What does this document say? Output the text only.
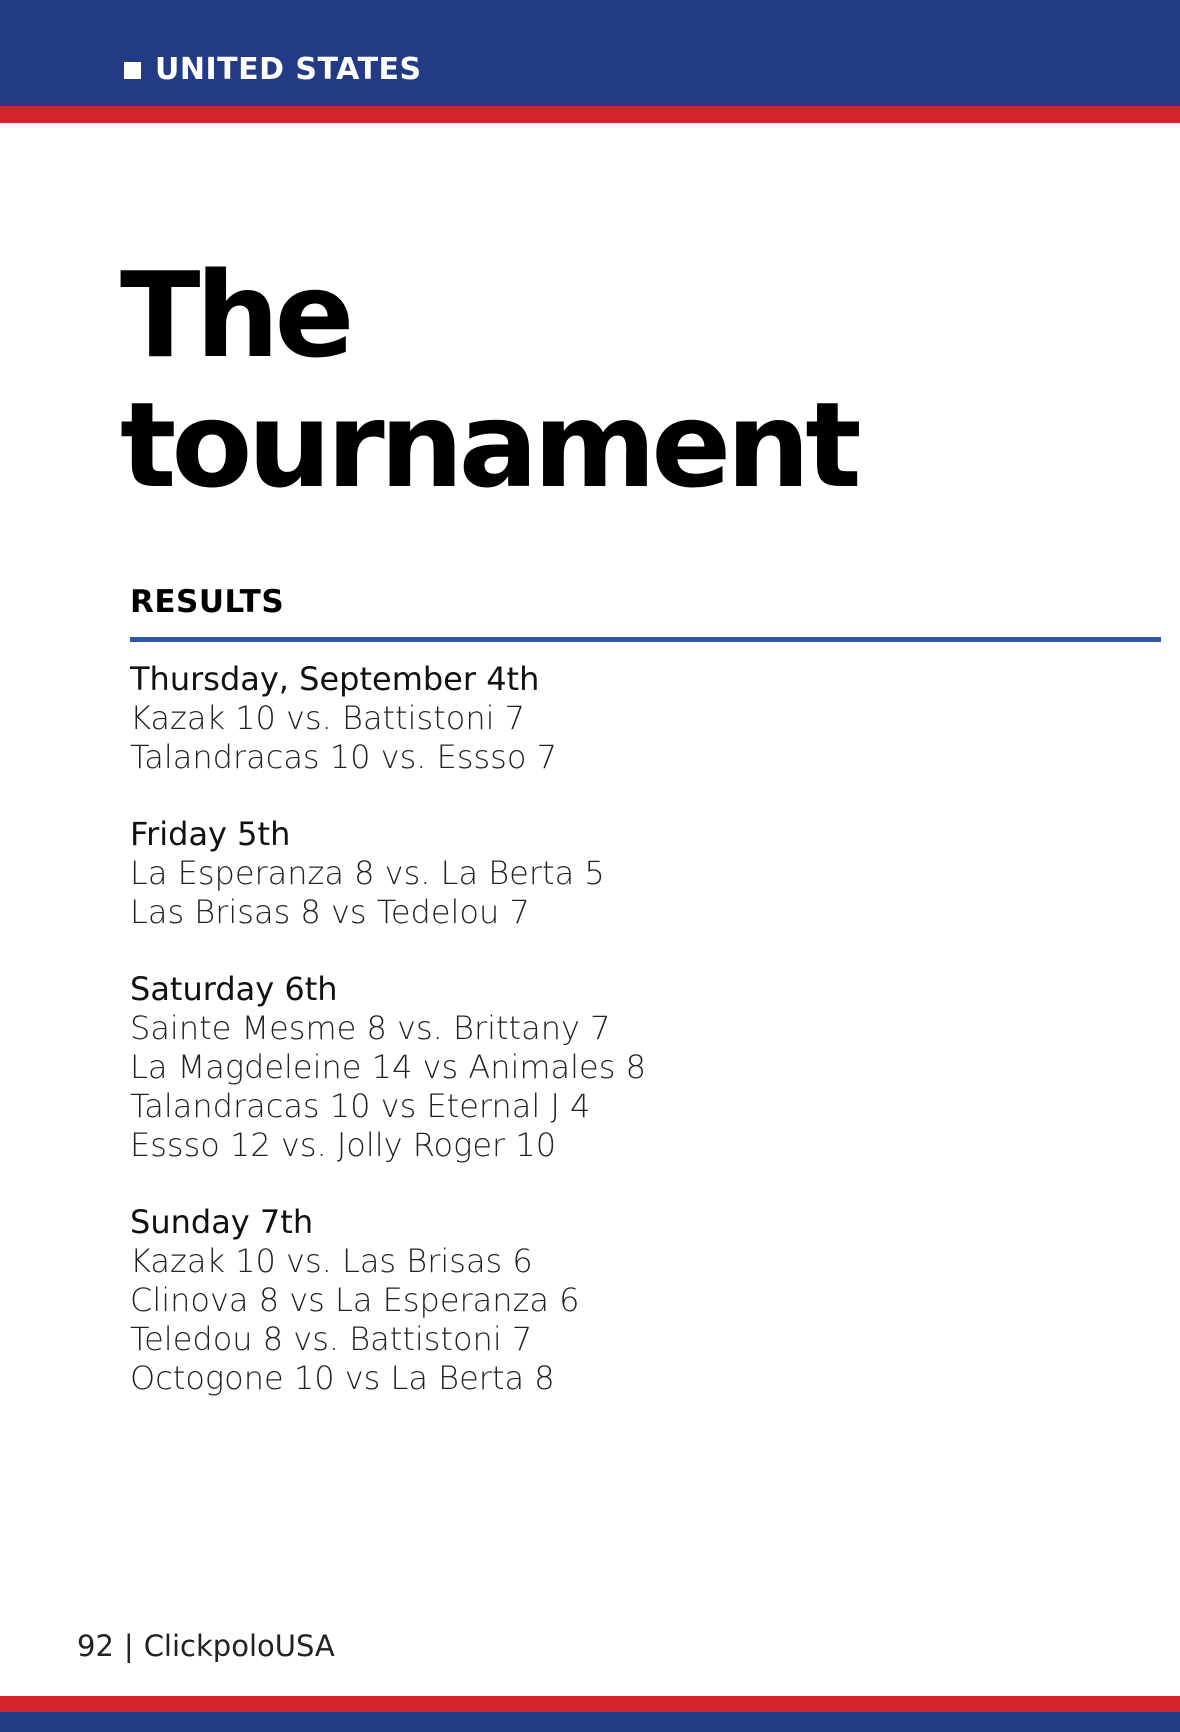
UNITED STATES
The
tournament
RESULTS
Thursday, September 4th
Kazak 10 vs. Battistoni 7
Talandracas 10 vs. Essso 7
Friday 5th
La Esperanza 8 vs. La Berta 5
Las Brisas 8 vs Tedelou 7
Saturday 6th
Sainte Mesme 8 vs. Brittany 7
La Magdeleine 14 vs Animales 8
Talandracas 10 vs Eternal J 4
Essso 12 vs. Jolly Roger 10
Sunday 7th
Kazak 10 vs. Las Brisas 6
Clinova 8 vs La Esperanza 6
Teledou 8 vs. Battistoni 7
Octogone 10 vs La Berta 8
92 | ClickpoloUSA
